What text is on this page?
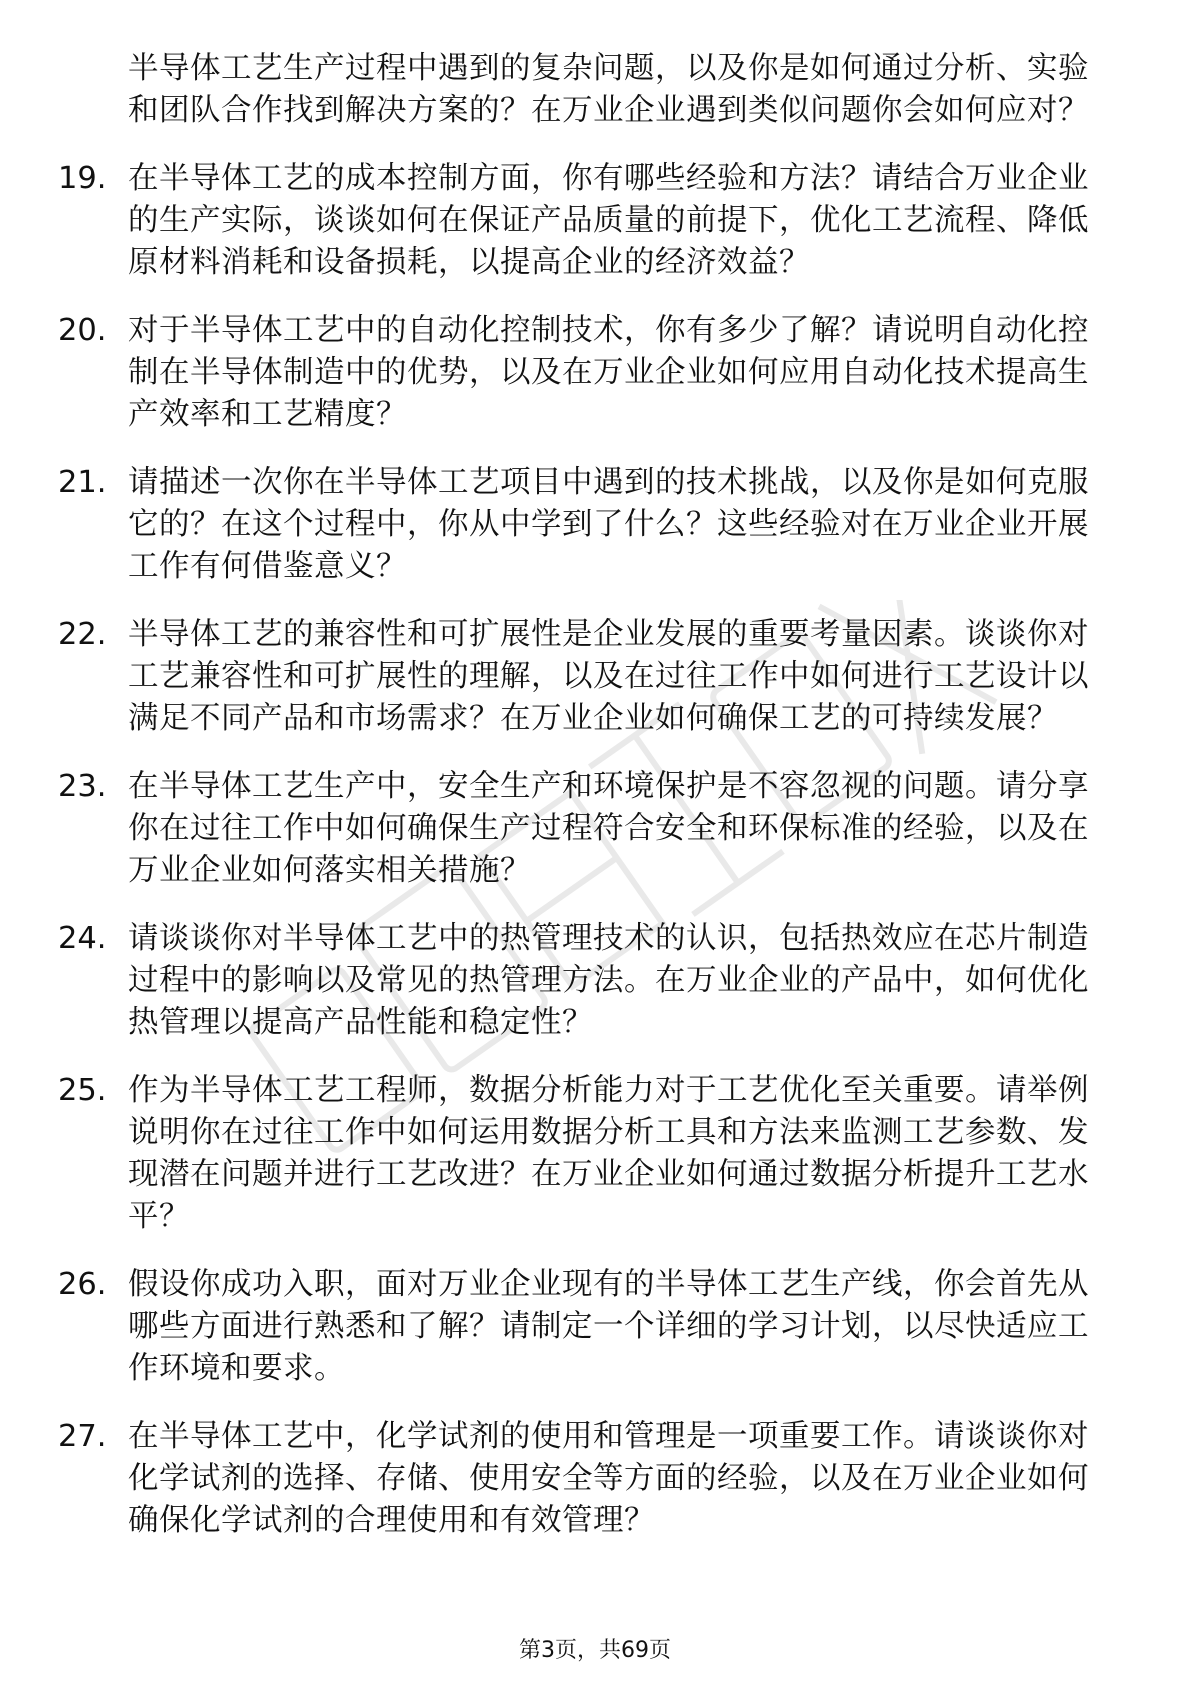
半导体工艺生产过程中遇到的复杂问题，以及你是如何通过分析、实验和团队合作找到解决方案的？在万业企业遇到类似问题你会如何应对？

19. 在半导体工艺的成本控制方面，你有哪些经验和方法？请结合万业企业的生产实际，谈谈如何在保证产品质量的前提下，优化工艺流程、降低原材料消耗和设备损耗，以提高企业的经济效益？
20. 对于半导体工艺中的自动化控制技术，你有多少了解？请说明自动化控制在半导体制造中的优势，以及在万业企业如何应用自动化技术提高生产效率和工艺精度？
21. 请描述一次你在半导体工艺项目中遇到的技术挑战，以及你是如何克服它的？在这个过程中，你从中学到了什么？这些经验对在万业企业开展工作有何借鉴意义？
22. 半导体工艺的兼容性和可扩展性是企业发展的重要考量因素。谈谈你对工艺兼容性和可扩展性的理解，以及在过往工作中如何进行工艺设计以满足不同产品和市场需求？在万业企业如何确保工艺的可持续发展？
23. 在半导体工艺生产中，安全生产和环境保护是不容忽视的问题。请分享你在过往工作中如何确保生产过程符合安全和环保标准的经验，以及在万业企业如何落实相关措施？
24. 请谈谈你对半导体工艺中的热管理技术的认识，包括热效应在芯片制造过程中的影响以及常见的热管理方法。在万业企业的产品中，如何优化热管理以提高产品性能和稳定性？
25. 作为半导体工艺工程师，数据分析能力对于工艺优化至关重要。请举例说明你在过往工作中如何运用数据分析工具和方法来监测工艺参数、发现潜在问题并进行工艺改进？在万业企业如何通过数据分析提升工艺水平？
26. 假设你成功入职，面对万业企业现有的半导体工艺生产线，你会首先从哪些方面进行熟悉和了解？请制定一个详细的学习计划，以尽快适应工作环境和要求。
27. 在半导体工艺中，化学试剂的使用和管理是一项重要工作。请谈谈你对化学试剂的选择、存储、使用安全等方面的经验，以及在万业企业如何确保化学试剂的合理使用和有效管理？
第3页，共69页
